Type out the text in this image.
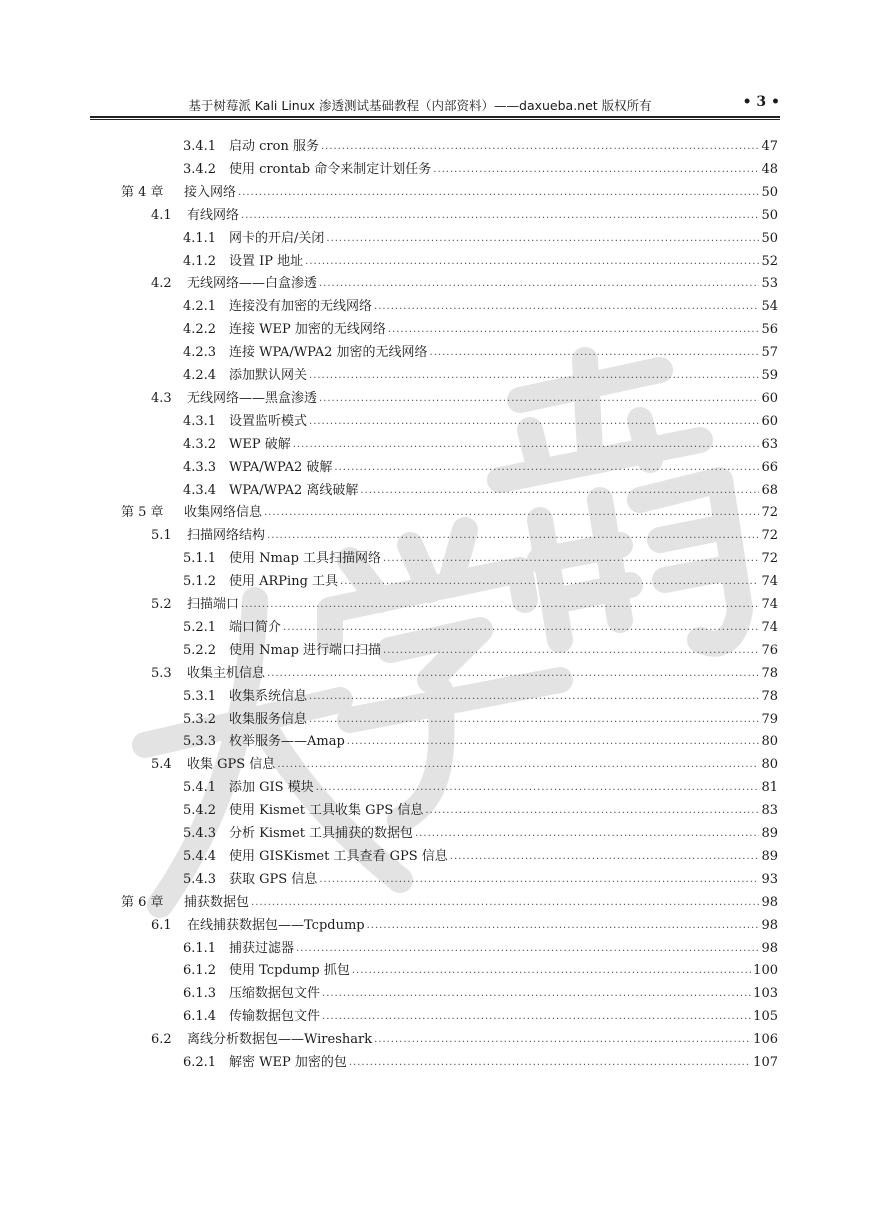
基于树莓派 Kali Linux 渗透测试基础教程（内部资料）——daxueba.net 版权所有	• 3 •
3.4.1 启动 cron 服务 .....	47
3.4.2 使用 crontab 命令来制定计划任务 .....	48
第 4 章	接入网络 .....	50
4.1	有线网络 .....	50
4.1.1 网卡的开启/关闭 .....	50
4.1.2 设置 IP 地址 .....	52
4.2	无线网络——白盒渗透 .....	53
4.2.1 连接没有加密的无线网络 .....	54
4.2.2 连接 WEP 加密的无线网络 .....	56
4.2.3 连接 WPA/WPA2 加密的无线网络 .....	57
4.2.4 添加默认网关 .....	59
4.3	无线网络——黑盒渗透 .....	60
4.3.1 设置监听模式 .....	60
4.3.2 WEP 破解 .....	63
4.3.3 WPA/WPA2 破解 .....	66
4.3.4 WPA/WPA2 离线破解 .....	68
第 5 章	收集网络信息 .....	72
5.1	扫描网络结构 .....	72
5.1.1 使用 Nmap 工具扫描网络 .....	72
5.1.2 使用 ARPing 工具 .....	74
5.2	扫描端口 .....	74
5.2.1 端口简介 .....	74
5.2.2 使用 Nmap 进行端口扫描 .....	76
5.3	收集主机信息 .....	78
5.3.1 收集系统信息 .....	78
5.3.2 收集服务信息 .....	79
5.3.3 枚举服务——Amap .....	80
5.4	收集 GPS 信息 .....	80
5.4.1 添加 GIS 模块 .....	81
5.4.2 使用 Kismet 工具收集 GPS 信息 .....	83
5.4.3 分析 Kismet 工具捕获的数据包 .....	89
5.4.4 使用 GISKismet 工具查看 GPS 信息 .....	89
5.4.3 获取 GPS 信息 .....	93
第 6 章	捕获数据包 .....	98
6.1	在线捕获数据包——Tcpdump .....	98
6.1.1 捕获过滤器 .....	98
6.1.2 使用 Tcpdump 抓包 .....	100
6.1.3 压缩数据包文件 .....	103
6.1.4 传输数据包文件 .....	105
6.2	离线分析数据包——Wireshark .....	106
6.2.1 解密 WEP 加密的包 .....	107
